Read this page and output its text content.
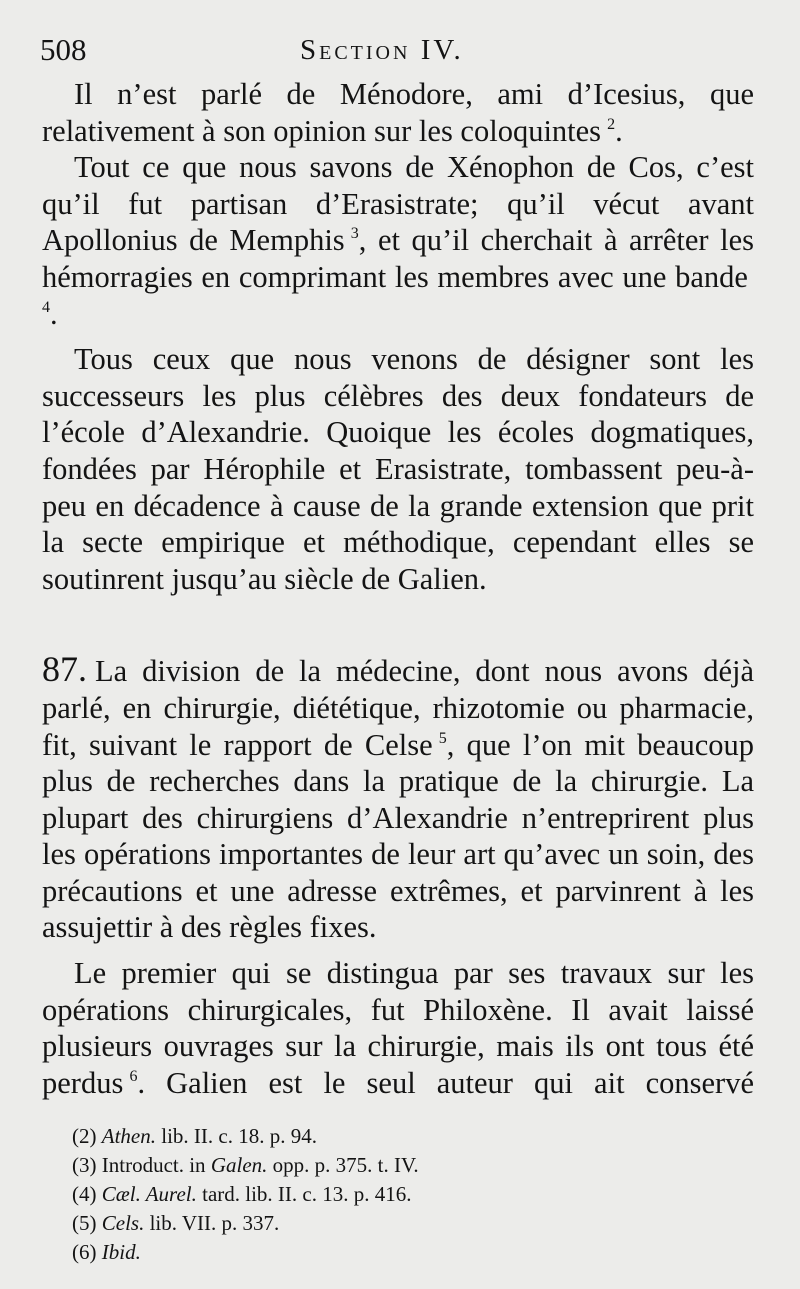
508	Section IV.

Il n’est parlé de Ménodore, ami d’Icesius, que relativement à son opinion sur les coloquintes  $^2$.

Tout ce que nous savons de Xénophon de Cos, c’est qu’il fut partisan d’Erasistrate; qu’il vécut avant Apollonius de Memphis  $^3$, et qu’il cherchait à arrêter les hémorragies en comprimant les membres avec une bande $^4$.

Tous ceux que nous venons de désigner sont les successeurs les plus célèbres des deux fondateurs de l’école d’Alexandrie. Quoique les écoles dogmatiques, fondées par Hérophile et Erasistrate, tombassent peu-à-peu en décadence à cause de la grande extension que prit la secte empirique et méthodique, cependant elles se soutinrent jusqu’au siècle de Galien.

87. La division de la médecine, dont nous avons déjà parlé, en chirurgie, diététique, rhizotomie ou pharmacie, fit, suivant le rapport de Celse  $^5$, que l’on mit beaucoup plus de recherches dans la pratique de la chirurgie. La plupart des chirurgiens d’Alexandrie n’entreprirent plus les opérations importantes de leur art qu’avec un soin, des précautions et une adresse extrêmes, et parvinrent à les assujettir à des règles fixes.

Le premier qui se distingua par ses travaux sur les opérations chirurgicales, fut Philoxène. Il avait laissé plusieurs ouvrages sur la chirurgie, mais ils ont tous été perdus  $^6$. Galien est le seul auteur qui ait conservé

(2) Athen. lib. II. c. 18. p. 94.
(3) Introduct. in Galen. opp. p. 375. t. IV.
(4) Cæl. Aurel. tard. lib. II. c. 13. p. 416.
(5) Cels. lib. VII. p. 337.
(6) Ibid.
